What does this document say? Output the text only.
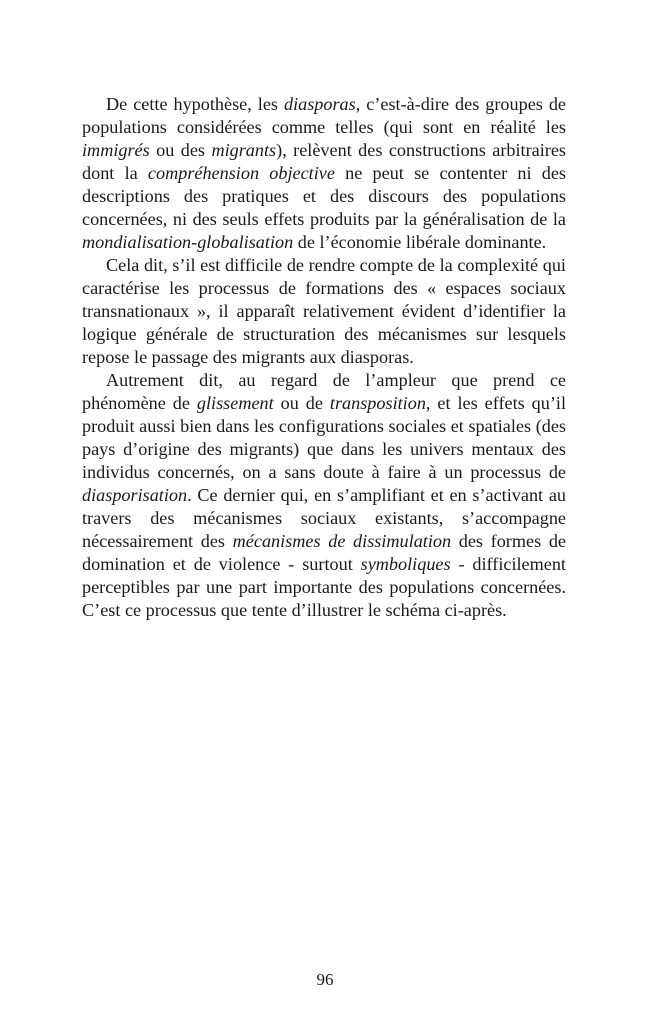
De cette hypothèse, les diasporas, c’est-à-dire des groupes de populations considérées comme telles (qui sont en réalité les immigrés ou des migrants), relèvent des constructions arbitraires dont la compréhension objective ne peut se contenter ni des descriptions des pratiques et des discours des populations concernées, ni des seuls effets produits par la généralisation de la mondialisation-globalisation de l’économie libérale dominante.

Cela dit, s’il est difficile de rendre compte de la complexité qui caractérise les processus de formations des « espaces sociaux transnationaux », il apparaît relativement évident d’identifier la logique générale de structuration des mécanismes sur lesquels repose le passage des migrants aux diasporas.

Autrement dit, au regard de l’ampleur que prend ce phénomène de glissement ou de transposition, et les effets qu’il produit aussi bien dans les configurations sociales et spatiales (des pays d’origine des migrants) que dans les univers mentaux des individus concernés, on a sans doute à faire à un processus de diasporisation. Ce dernier qui, en s’amplifiant et en s’activant au travers des mécanismes sociaux existants, s’accompagne nécessairement des mécanismes de dissimulation des formes de domination et de violence - surtout symboliques - difficilement perceptibles par une part importante des populations concernées. C’est ce processus que tente d’illustrer le schéma ci-après.

96
